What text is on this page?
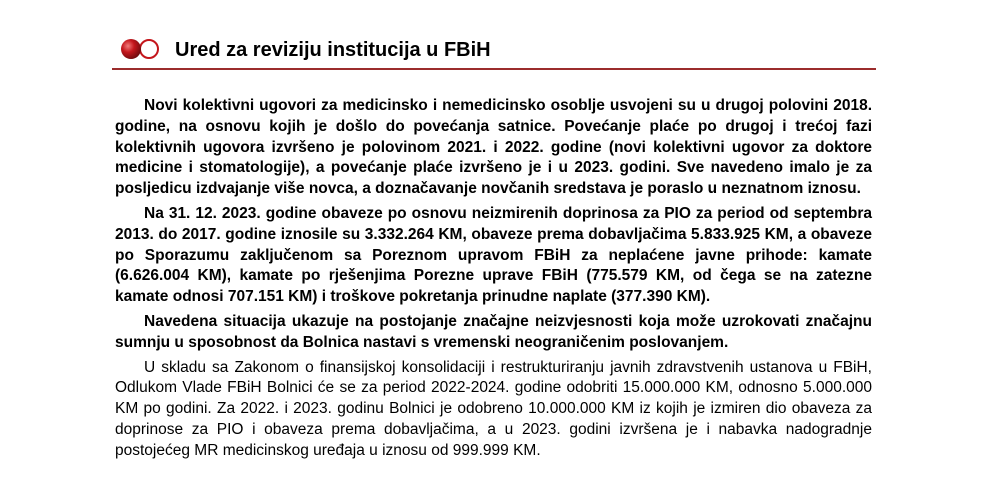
Ured za reviziju institucija u FBiH

Novi kolektivni ugovori za medicinsko i nemedicinsko osoblje usvojeni su u drugoj polovini 2018. godine, na osnovu kojih je došlo do povećanja satnice. Povećanje plaće po drugoj i trećoj fazi kolektivnih ugovora izvršeno je polovinom 2021. i 2022. godine (novi kolektivni ugovor za doktore medicine i stomatologije), a povećanje plaće izvršeno je i u 2023. godini. Sve navedeno imalo je za posljedicu izdvajanje više novca, a doznačavanje novčanih sredstava je poraslo u neznatnom iznosu.

Na 31. 12. 2023. godine obaveze po osnovu neizmirenih doprinosa za PIO za period od septembra 2013. do 2017. godine iznosile su 3.332.264 KM, obaveze prema dobavljačima 5.833.925 KM, a obaveze po Sporazumu zaključenom sa Poreznom upravom FBiH za neplaćene javne prihode: kamate (6.626.004 KM), kamate po rješenjima Porezne uprave FBiH (775.579 KM, od čega se na zatezne kamate odnosi 707.151 KM) i troškove pokretanja prinudne naplate (377.390 KM).

Navedena situacija ukazuje na postojanje značajne neizvjesnosti koja može uzrokovati značajnu sumnju u sposobnost da Bolnica nastavi s vremenski neograničenim poslovanjem.

U skladu sa Zakonom o finansijskoj konsolidaciji i restrukturiranju javnih zdravstvenih ustanova u FBiH, Odlukom Vlade FBiH Bolnici će se za period 2022-2024. godine odobriti 15.000.000 KM, odnosno 5.000.000 KM po godini. Za 2022. i 2023. godinu Bolnici je odobreno 10.000.000 KM iz kojih je izmiren dio obaveza za doprinose za PIO i obaveza prema dobavljačima, a u 2023. godini izvršena je i nabavka nadogradnje postojećeg MR medicinskog uređaja u iznosu od 999.999 KM.
